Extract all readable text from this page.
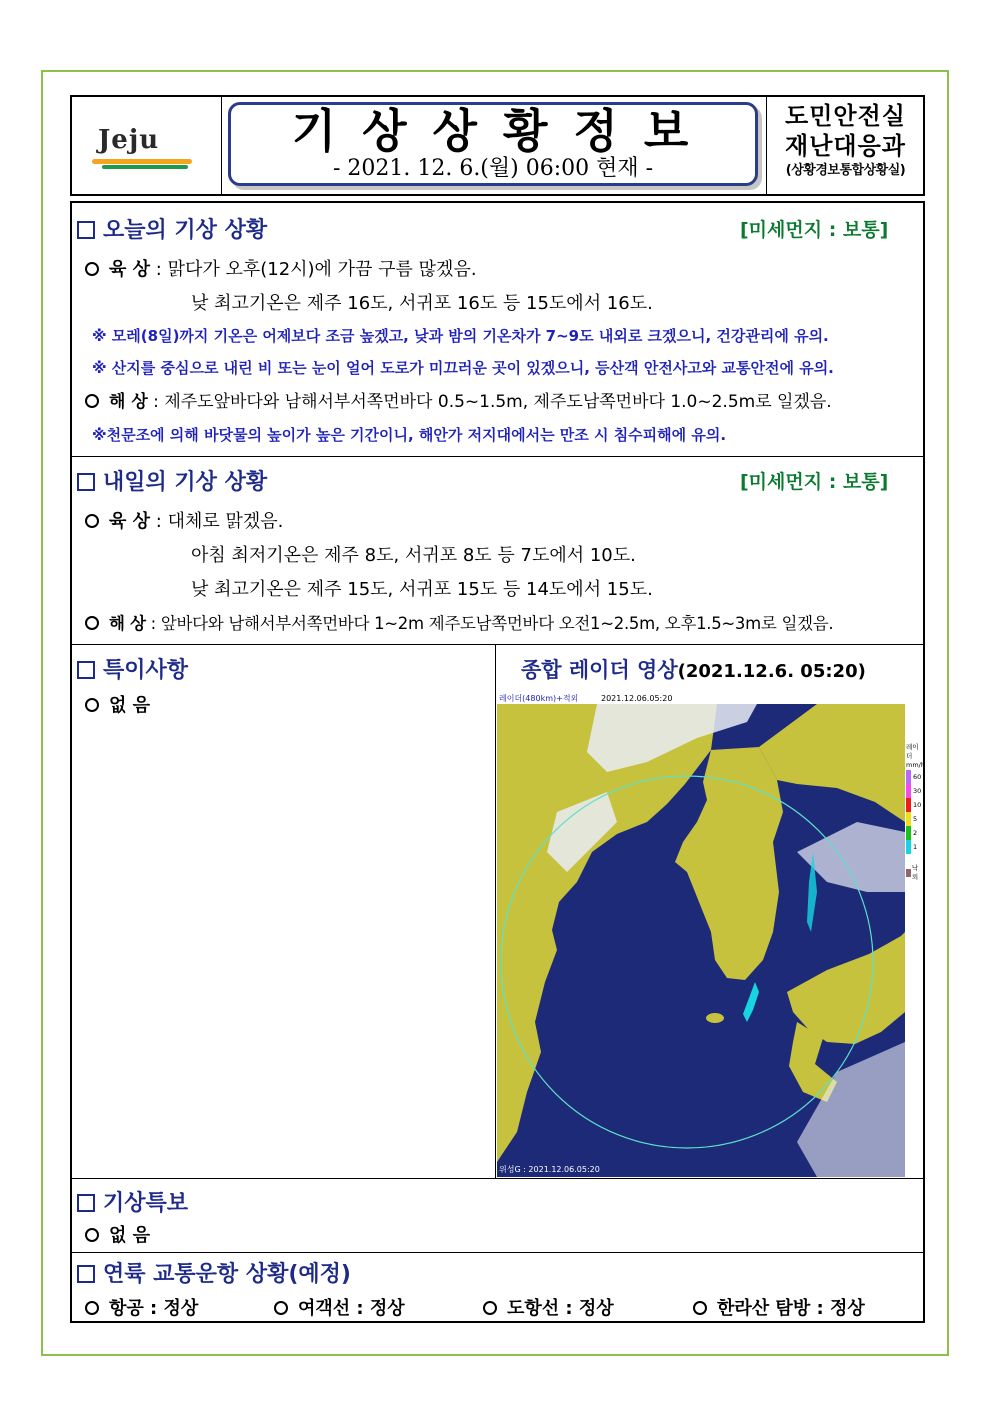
Jeju	기상상황정보
- 2021. 12. 6.(월) 06:00 현재 -
도민안전실
재난대응과
(상황경보통합상황실)
오늘의 기상 상황	[미세먼지 : 보통]
육 상 : 맑다가 오후(12시)에 가끔 구름 많겠음.
낮 최고기온은 제주 16도, 서귀포 16도 등 15도에서 16도.
※ 모레(8일)까지 기온은 어제보다 조금 높겠고, 낮과 밤의 기온차가 7~9도 내외로 크겠으니, 건강관리에 유의.
※ 산지를 중심으로 내린 비 또는 눈이 얼어 도로가 미끄러운 곳이 있겠으니, 등산객 안전사고와 교통안전에 유의.
해 상 : 제주도앞바다와 남해서부서쪽먼바다 0.5~1.5m, 제주도남쪽먼바다 1.0~2.5m로 일겠음.
※천문조에 의해 바닷물의 높이가 높은 기간이니, 해안가 저지대에서는 만조 시 침수피해에 유의.
내일의 기상 상황	[미세먼지 : 보통]
육 상 : 대체로 맑겠음.
아침 최저기온은 제주 8도, 서귀포 8도 등 7도에서 10도.
낮 최고기온은 제주 15도, 서귀포 15도 등 14도에서 15도.
해 상 : 앞바다와 남해서부서쪽먼바다 1~2m 제주도남쪽먼바다 오전1~2.5m, 오후1.5~3m로 일겠음.
특이사항
없 음
종합 레이더 영상(2021.12.6. 05:20)
레이더(480km)+적외	2021.12.06.05:20
위성G : 2021.12.06.05:20
레이더
mm/h
60
30
10
5
2
1
낙뢰
기상특보
없 음
연륙 교통운항 상황(예정)
항공 : 정상	여객선 : 정상	도항선 : 정상	한라산 탐방 : 정상
